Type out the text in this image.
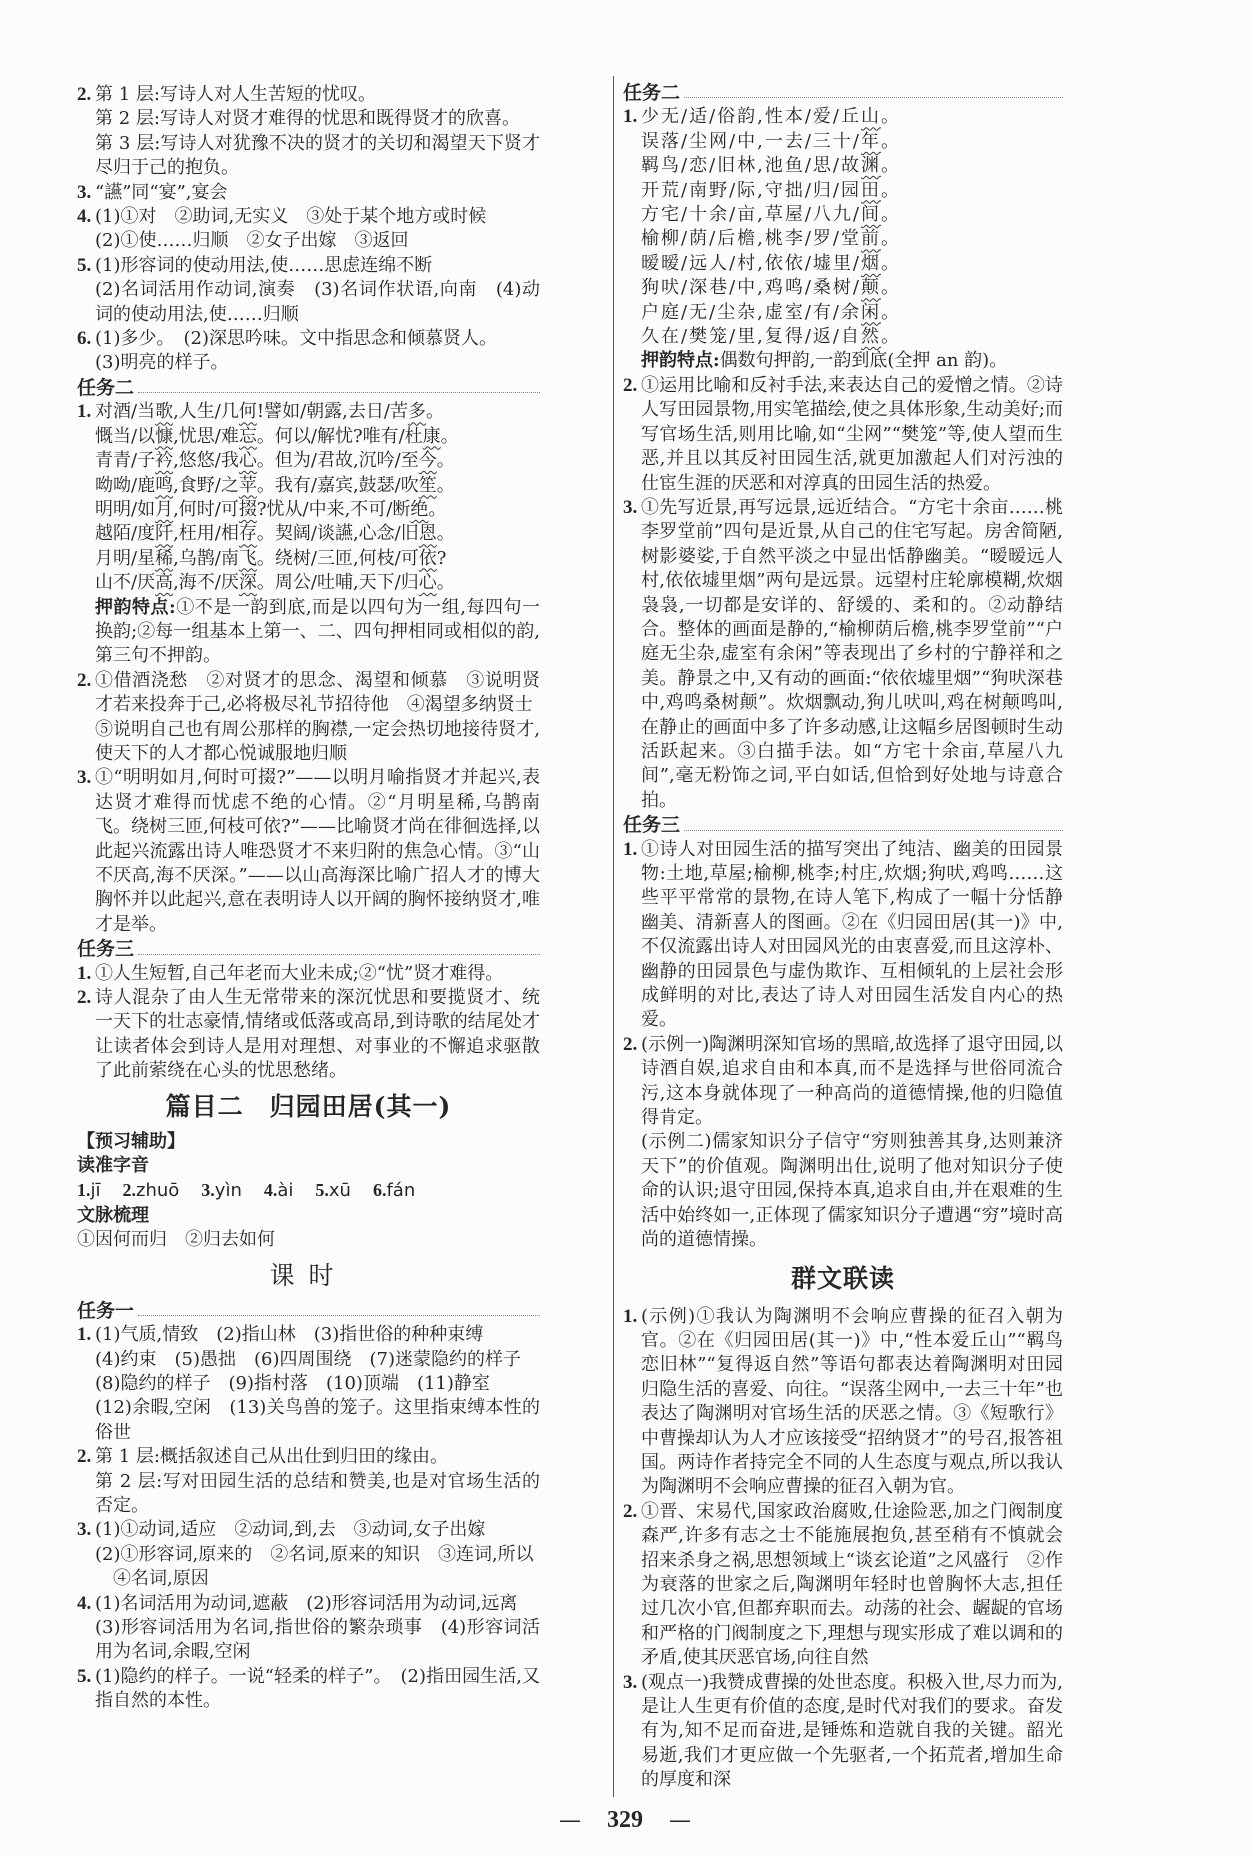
2. 第 1 层:写诗人对人生苦短的忧叹。
第 2 层:写诗人对贤才难得的忧思和既得贤才的欣喜。
第 3 层:写诗人对犹豫不决的贤才的关切和渴望天下贤才尽归于己的抱负。
3. “讌”同“宴”,宴会
4. (1)①对　②助词,无实义　③处于某个地方或时候
(2)①使……归顺　②女子出嫁　③返回
5. (1)形容词的使动用法,使……思虑连绵不断
(2)名词活用作动词,演奏　(3)名词作状语,向南　(4)动词的使动用法,使……归顺
6. (1)多少。　(2)深思吟味。文中指思念和倾慕贤人。
(3)明亮的样子。
任务二
1. 对酒/当歌,人生/几何!譬如/朝露,去日/苦多。
慨当/以慷,忧思/难忘。何以/解忧?唯有/杜康。
青青/子衿,悠悠/我心。但为/君故,沉吟/至今。
呦呦/鹿鸣,食野/之苹。我有/嘉宾,鼓瑟/吹笙。
明明/如月,何时/可掇?忧从/中来,不可/断绝。
越陌/度阡,枉用/相存。契阔/谈讌,心念/旧恩。
月明/星稀,乌鹊/南飞。绕树/三匝,何枝/可依?
山不/厌高,海不/厌深。周公/吐哺,天下/归心。
押韵特点:①不是一韵到底,而是以四句为一组,每四句一换韵;②每一组基本上第一、二、四句押相同或相似的韵,第三句不押韵。
2. ①借酒浇愁　②对贤才的思念、渴望和倾慕　③说明贤才若来投奔于己,必将极尽礼节招待他　④渴望多纳贤士
⑤说明自己也有周公那样的胸襟,一定会热切地接待贤才,使天下的人才都心悦诚服地归顺
3. ①“明明如月,何时可掇?”——以明月喻指贤才并起兴,表达贤才难得而忧虑不绝的心情。②“月明星稀,乌鹊南飞。绕树三匝,何枝可依?”——比喻贤才尚在徘徊选择,以此起兴流露出诗人唯恐贤才不来归附的焦急心情。③“山不厌高,海不厌深。”——以山高海深比喻广招人才的博大胸怀并以此起兴,意在表明诗人以开阔的胸怀接纳贤才,唯才是举。
任务三
1. ①人生短暂,自己年老而大业未成;②“忧”贤才难得。
2. 诗人混杂了由人生无常带来的深沉忧思和要揽贤才、统一天下的壮志豪情,情绪或低落或高昂,到诗歌的结尾处才让读者体会到诗人是用对理想、对事业的不懈追求驱散了此前萦绕在心头的忧思愁绪。
篇目二　归园田居(其一)
【预习辅助】
读准字音
1.jī 2.zhuō 3.yìn 4.ài 5.xū 6.fán
文脉梳理
①因何而归　②归去如何
课时
任务一
1. (1)气质,情致　(2)指山林　(3)指世俗的种种束缚
(4)约束　(5)愚拙　(6)四周围绕　(7)迷蒙隐约的样子
(8)隐约的样子　(9)指村落　(10)顶端　(11)静室
(12)余暇,空闲　(13)关鸟兽的笼子。这里指束缚本性的俗世
2. 第 1 层:概括叙述自己从出仕到归田的缘由。
第 2 层:写对田园生活的总结和赞美,也是对官场生活的否定。
3. (1)①动词,适应　②动词,到,去　③动词,女子出嫁
(2)①形容词,原来的　②名词,原来的知识　③连词,所以
　④名词,原因
4. (1)名词活用为动词,遮蔽　(2)形容词活用为动词,远离
(3)形容词活用为名词,指世俗的繁杂琐事　(4)形容词活用为名词,余暇,空闲
5. (1)隐约的样子。一说“轻柔的样子”。　(2)指田园生活,又指自然的本性。
任务二
1. 少无/适/俗韵,性本/爱/丘山。
误落/尘网/中,一去/三十/年。
羁鸟/恋/旧林,池鱼/思/故渊。
开荒/南野/际,守拙/归/园田。
方宅/十余/亩,草屋/八九/间。
榆柳/荫/后檐,桃李/罗/堂前。
暧暧/远人/村,依依/墟里/烟。
狗吠/深巷/中,鸡鸣/桑树/颠。
户庭/无/尘杂,虚室/有/余闲。
久在/樊笼/里,复得/返/自然。
押韵特点:偶数句押韵,一韵到底(全押 an 韵)。
2. ①运用比喻和反衬手法,来表达自己的爱憎之情。②诗人写田园景物,用实笔描绘,使之具体形象,生动美好;而写官场生活,则用比喻,如“尘网”“樊笼”等,使人望而生恶,并且以其反衬田园生活,就更加激起人们对污浊的仕宦生涯的厌恶和对淳真的田园生活的热爱。
3. ①先写近景,再写远景,远近结合。“方宅十余亩……桃李罗堂前”四句是近景,从自己的住宅写起。房舍简陋,树影婆娑,于自然平淡之中显出恬静幽美。“暧暧远人村,依依墟里烟”两句是远景。远望村庄轮廓模糊,炊烟袅袅,一切都是安详的、舒缓的、柔和的。②动静结合。整体的画面是静的,“榆柳荫后檐,桃李罗堂前”“户庭无尘杂,虚室有余闲”等表现出了乡村的宁静祥和之美。静景之中,又有动的画面:“依依墟里烟”“狗吠深巷中,鸡鸣桑树颠”。炊烟飘动,狗儿吠叫,鸡在树颠鸣叫,在静止的画面中多了许多动感,让这幅乡居图顿时生动活跃起来。③白描手法。如“方宅十余亩,草屋八九间”,毫无粉饰之词,平白如话,但恰到好处地与诗意合拍。
任务三
1. ①诗人对田园生活的描写突出了纯洁、幽美的田园景物:土地,草屋;榆柳,桃李;村庄,炊烟;狗吠,鸡鸣……这些平平常常的景物,在诗人笔下,构成了一幅十分恬静幽美、清新喜人的图画。②在《归园田居(其一)》中,不仅流露出诗人对田园风光的由衷喜爱,而且这淳朴、幽静的田园景色与虚伪欺诈、互相倾轧的上层社会形成鲜明的对比,表达了诗人对田园生活发自内心的热爱。
2. (示例一)陶渊明深知官场的黑暗,故选择了退守田园,以诗酒自娱,追求自由和本真,而不是选择与世俗同流合污,这本身就体现了一种高尚的道德情操,他的归隐值得肯定。
(示例二)儒家知识分子信守“穷则独善其身,达则兼济天下”的价值观。陶渊明出仕,说明了他对知识分子使命的认识;退守田园,保持本真,追求自由,并在艰难的生活中始终如一,正体现了儒家知识分子遭遇“穷”境时高尚的道德情操。
群文联读
1. (示例)①我认为陶渊明不会响应曹操的征召入朝为官。②在《归园田居(其一)》中,“性本爱丘山”“羁鸟恋旧林”“复得返自然”等语句都表达着陶渊明对田园归隐生活的喜爱、向往。“误落尘网中,一去三十年”也表达了陶渊明对官场生活的厌恶之情。③《短歌行》中曹操却认为人才应该接受“招纳贤才”的号召,报答祖国。两诗作者持完全不同的人生态度与观点,所以我认为陶渊明不会响应曹操的征召入朝为官。
2. ①晋、宋易代,国家政治腐败,仕途险恶,加之门阀制度森严,许多有志之士不能施展抱负,甚至稍有不慎就会招来杀身之祸,思想领域上“谈玄论道”之风盛行　②作为衰落的世家之后,陶渊明年轻时也曾胸怀大志,担任过几次小官,但都弃职而去。动荡的社会、龌龊的官场和严格的门阀制度之下,理想与现实形成了难以调和的矛盾,使其厌恶官场,向往自然
3. (观点一)我赞成曹操的处世态度。积极入世,尽力而为,是让人生更有价值的态度,是时代对我们的要求。奋发有为,知不足而奋进,是锤炼和造就自我的关键。韶光易逝,我们才更应做一个先驱者,一个拓荒者,增加生命的厚度和深
— 329 —
